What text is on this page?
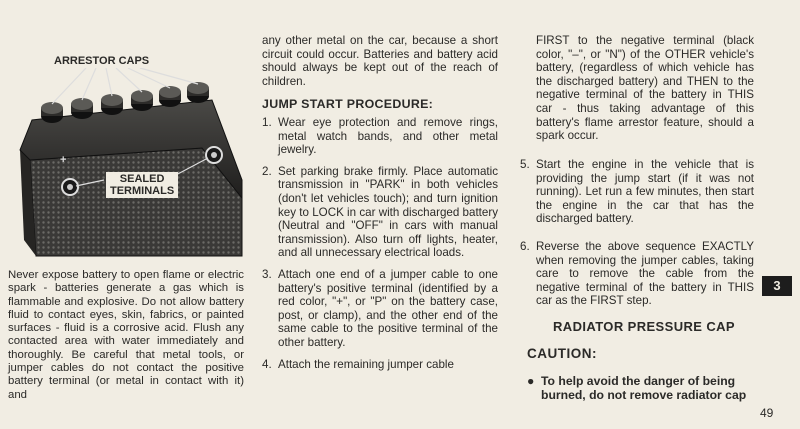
ARRESTOR CAPS
SEALED
TERMINALS
+
Never expose battery to open flame or electric spark - batteries generate a gas which is flammable and explosive. Do not allow battery fluid to contact eyes, skin, fabrics, or painted surfaces - fluid is a corrosive acid. Flush any contacted area with water immediately and thoroughly. Be careful that metal tools, or jumper cables do not contact the positive battery terminal (or metal in contact with it) and
any other metal on the car, because a short circuit could occur. Batteries and battery acid should always be kept out of the reach of children.
JUMP START PROCEDURE:
1. Wear eye protection and remove rings, metal watch bands, and other metal jewelry.
2. Set parking brake firmly. Place automatic transmission in "PARK" in both vehicles (don't let vehicles touch); and turn ignition key to LOCK in car with discharged battery (Neutral and "OFF" in cars with manual transmission). Also turn off lights, heater, and all unnecessary electrical loads.
3. Attach one end of a jumper cable to one battery's positive terminal (identified by a red color, "+", or "P" on the battery case, post, or clamp), and the other end of the same cable to the positive terminal of the other battery.
4. Attach the remaining jumper cable
FIRST to the negative terminal (black color, "–", or "N") of the OTHER vehicle's battery, (regardless of which vehicle has the discharged battery) and THEN to the negative terminal of the battery in THIS car - thus taking advantage of this battery's flame arrestor feature, should a spark occur.
5. Start the engine in the vehicle that is providing the jump start (if it was not running). Let run a few minutes, then start the engine in the car that has the discharged battery.
6. Reverse the above sequence EXACTLY when removing the jumper cables, taking care to remove the cable from the negative terminal of the battery in THIS car as the FIRST step.
RADIATOR PRESSURE CAP
CAUTION:
● To help avoid the danger of being burned, do not remove radiator cap
3
49
